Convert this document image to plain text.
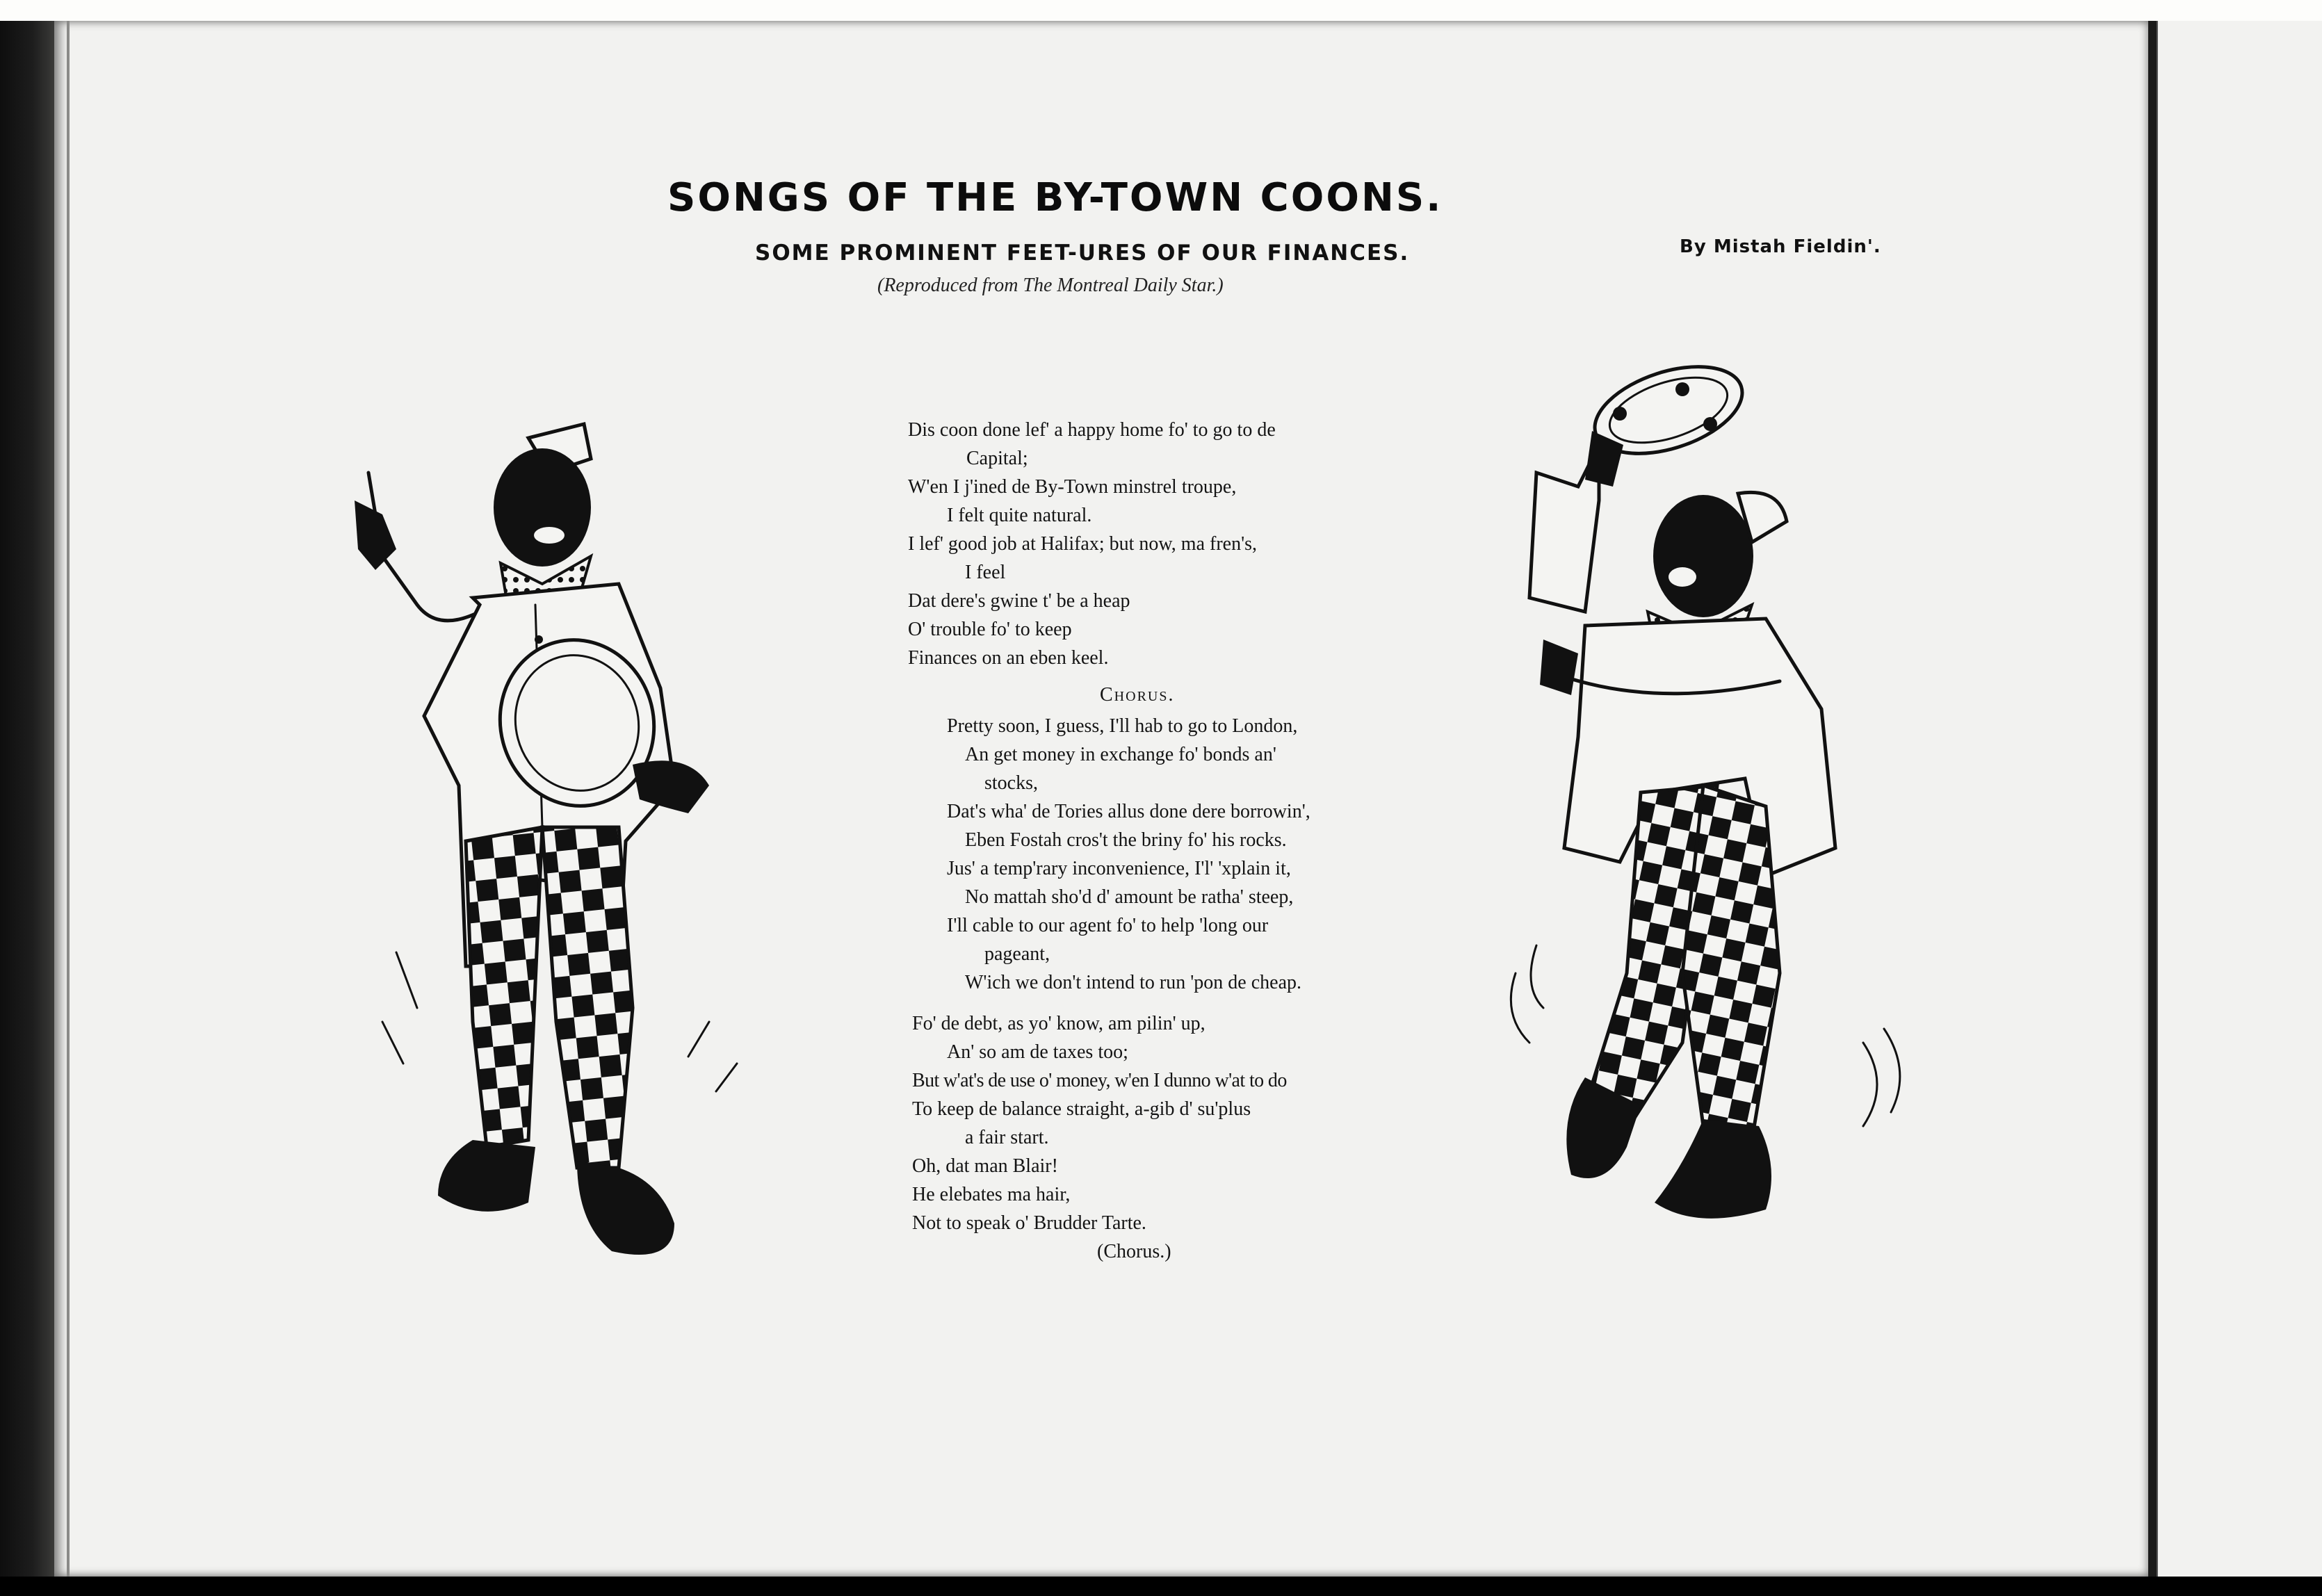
SONGS OF THE BY-TOWN COONS.
SOME PROMINENT FEET-URES OF OUR FINANCES.	By Mistah Fieldin'.
(Reproduced from The Montreal Daily Star.)
Dis coon done lef' a happy home fo' to go to de
Capital;
W'en I j'ined de By-Town minstrel troupe,
I felt quite natural.
I lef' good job at Halifax; but now, ma fren's,
I feel
Dat dere's gwine t' be a heap
O' trouble fo' to keep
Finances on an eben keel.
Chorus.
Pretty soon, I guess, I'll hab to go to London,
An get money in exchange fo' bonds an'
stocks,
Dat's wha' de Tories allus done dere borrowin',
Eben Fostah cros't the briny fo' his rocks.
Jus' a temp'rary inconvenience, I'l' 'xplain it,
No mattah sho'd d' amount be ratha' steep,
I'll cable to our agent fo' to help 'long our
pageant,
W'ich we don't intend to run 'pon de cheap.
Fo' de debt, as yo' know, am pilin' up,
An' so am de taxes too;
But w'at's de use o' money, w'en I dunno w'at to do
To keep de balance straight, a-gib d' su'plus
a fair start.
Oh, dat man Blair!
He elebates ma hair,
Not to speak o' Brudder Tarte.
(Chorus.)
